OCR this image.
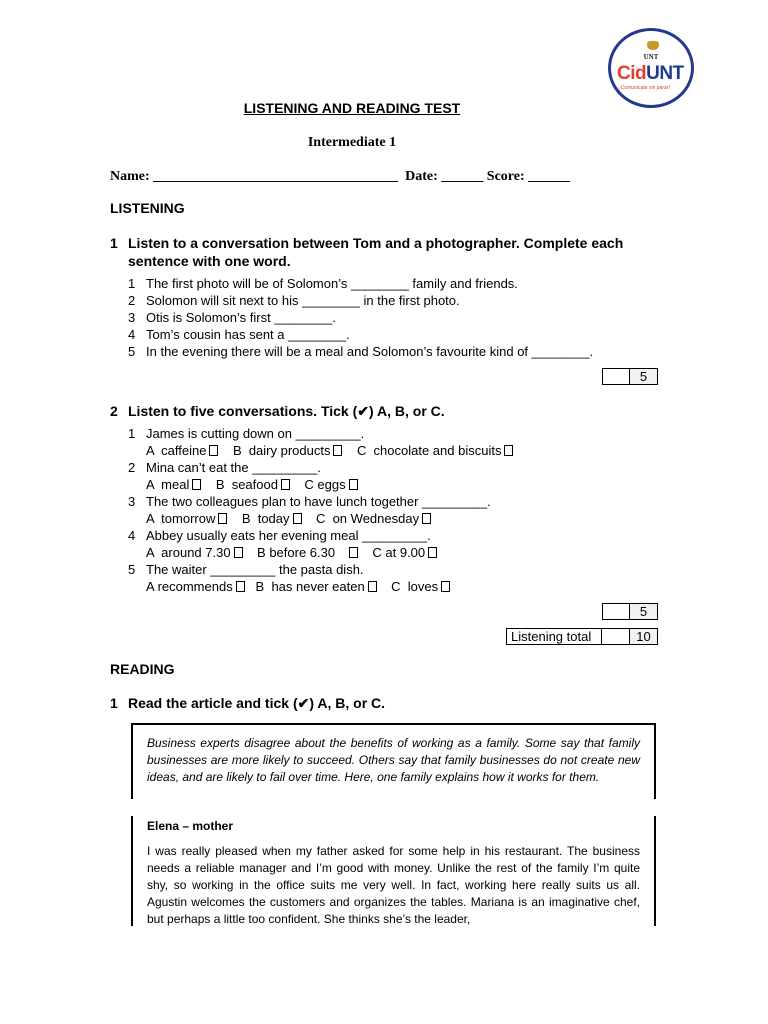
UNT
CidUNT
¡Comunícate sin parar!
LISTENING AND READING TEST
Intermediate 1
Name: ___________________________________  Date: ______ Score: ______
LISTENING
1 Listen to a conversation between Tom and a photographer. Complete each sentence with one word.
1 The first photo will be of Solomon’s ________ family and friends.
2 Solomon will sit next to his ________ in the first photo.
3 Otis is Solomon’s first ________.
4 Tom’s cousin has sent a ________.
5 In the evening there will be a meal and Solomon’s favourite kind of ________.
5
2 Listen to five conversations. Tick (✔) A, B, or C.
1 James is cutting down on _________.
A  caffeine B  dairy products C  chocolate and biscuits
2 Mina can’t eat the _________.
A  meal B  seafood C eggs
3 The two colleagues plan to have lunch together _________.
A  tomorrow B  today C  on Wednesday
4 Abbey usually eats her evening meal _________.
A  around 7.30 B before 6.30	C at 9.00
5 The waiter _________ the pasta dish.
A recommends B  has never eaten C  loves
5
Listening total	10
READING
1 Read the article and tick (✔) A, B, or C.
Business experts disagree about the benefits of working as a family. Some say that family businesses are more likely to succeed. Others say that family businesses do not create new ideas, and are likely to fail over time. Here, one family explains how it works for them.
Elena – mother
I was really pleased when my father asked for some help in his restaurant. The business needs a reliable manager and I’m good with money. Unlike the rest of the family I’m quite shy, so working in the office suits me very well. In fact, working here really suits us all. Agustin welcomes the customers and organizes the tables. Mariana is an imaginative chef, but perhaps a little too confident. She thinks she’s the leader,
